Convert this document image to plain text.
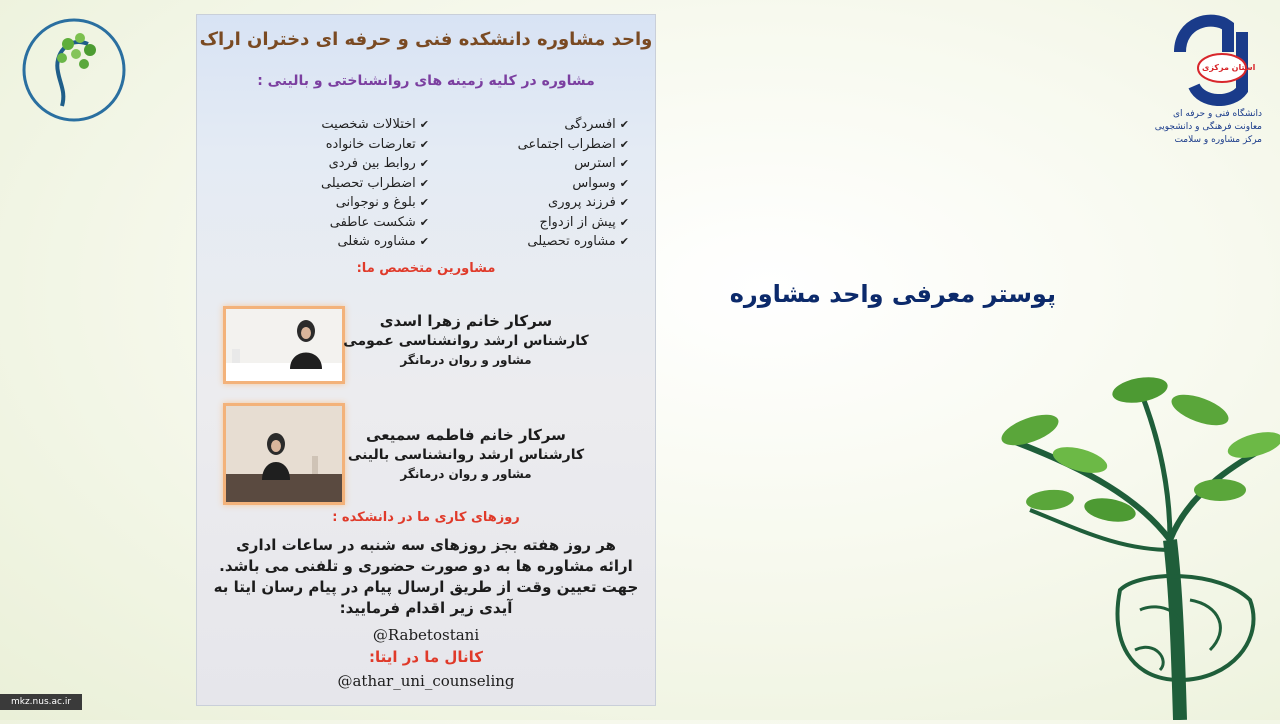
استان مرکزی
دانشگاه فنی و حرفه ای
معاونت فرهنگی و دانشجویی
مرکز مشاوره و سلامت
واحد مشاوره دانشکده فنی و حرفه ای دختران اراک
مشاوره در کلیه زمینه های روانشناختی و بالینی :
✔افسردگی
✔اضطراب اجتماعی
✔استرس
✔وسواس
✔فرزند پروری
✔پیش از ازدواج
✔مشاوره تحصیلی
✔اختلالات شخصیت
✔تعارضات خانواده
✔روابط بین فردی
✔اضطراب تحصیلی
✔بلوغ و نوجوانی
✔شکست عاطفی
✔مشاوره شغلی
مشاورین متخصص ما:
سرکار خانم زهرا اسدی
کارشناس ارشد روانشناسی عمومی
مشاور و روان درمانگر
سرکار خانم فاطمه سمیعی
کارشناس ارشد روانشناسی بالینی
مشاور و روان درمانگر
روزهای کاری ما در دانشکده :
هر روز هفته بجز روزهای سه شنبه در ساعات اداری
ارائه مشاوره ها به دو صورت حضوری و تلفنی می باشد.
جهت تعیین وقت از طریق ارسال پیام در پیام رسان ایتا به
آیدی زیر اقدام فرمایید:
@Rabetostani
کانال ما در ایتا:
@athar_uni_counseling
پوستر معرفی واحد مشاوره
mkz.nus.ac.ir
